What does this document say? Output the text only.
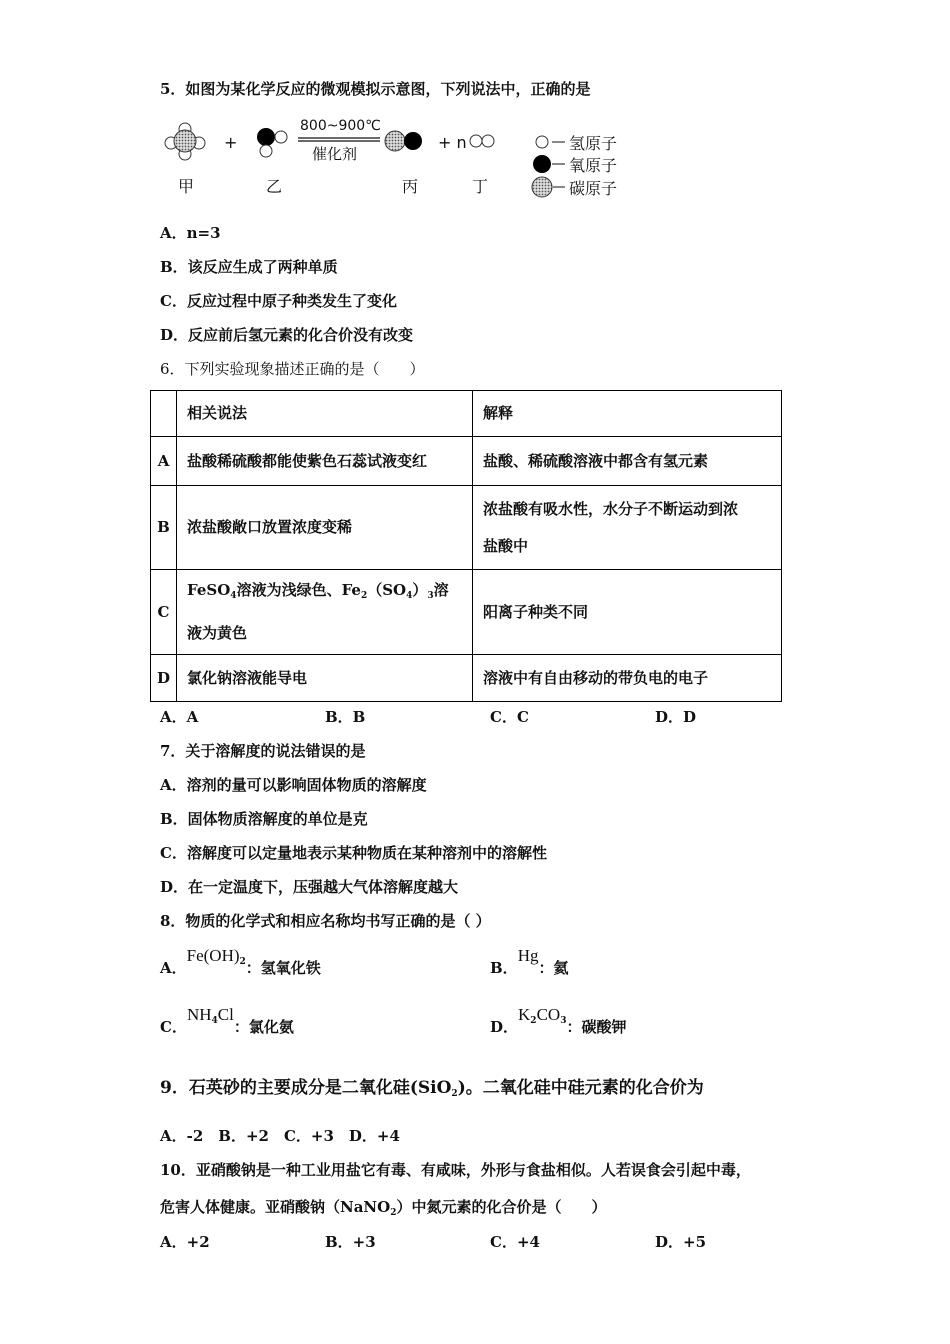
5．如图为某化学反应的微观模拟示意图，下列说法中，正确的是
+
800~900℃
催化剂
+ n
甲	乙	丙	丁
氢原子
氧原子
碳原子
A．n=3
B．该反应生成了两种单质
C．反应过程中原子种类发生了变化
D．反应前后氢元素的化合价没有改变
6．下列实验现象描述正确的是（　　）
	相关说法	解释
A	盐酸稀硫酸都能使紫色石蕊试液变红	盐酸、稀硫酸溶液中都含有氢元素
B	浓盐酸敞口放置浓度变稀	浓盐酸有吸水性，水分子不断运动到浓
盐酸中

C	FeSO$_4$溶液为浅绿色、$Fe_2(SO_4)_3$溶
液为黄色	阳离子种类不同
D	氯化钠溶液能导电	溶液中有自由移动的带负电的电子
A．A	B．B	C．C	D．D
7．关于溶解度的说法错误的是
A．溶剂的量可以影响固体物质的溶解度
B．固体物质溶解度的单位是克
C．溶解度可以定量地表示某种物质在某种溶剂中的溶解性
D．在一定温度下，压强越大气体溶解度越大
8．物质的化学式和相应名称均书写正确的是（ ）
A．$Fe(OH)_2$：氢氧化铁	B．Hg：氦
C．$NH_4Cl$：氯化氨	D．$K_2CO_3$：碳酸钾
9．石英砂的主要成分是二氧化硅(SiO$_2$)。二氧化硅中硅元素的化合价为
A．-2　B．+2　C．+3　D．+4
10．亚硝酸钠是一种工业用盐它有毒、有咸味，外形与食盐相似。人若误食会引起中毒，
危害人体健康。亚硝酸钠（NaNO$_2$）中氮元素的化合价是（　　）
A．+2	B．+3	C．+4	D．+5
